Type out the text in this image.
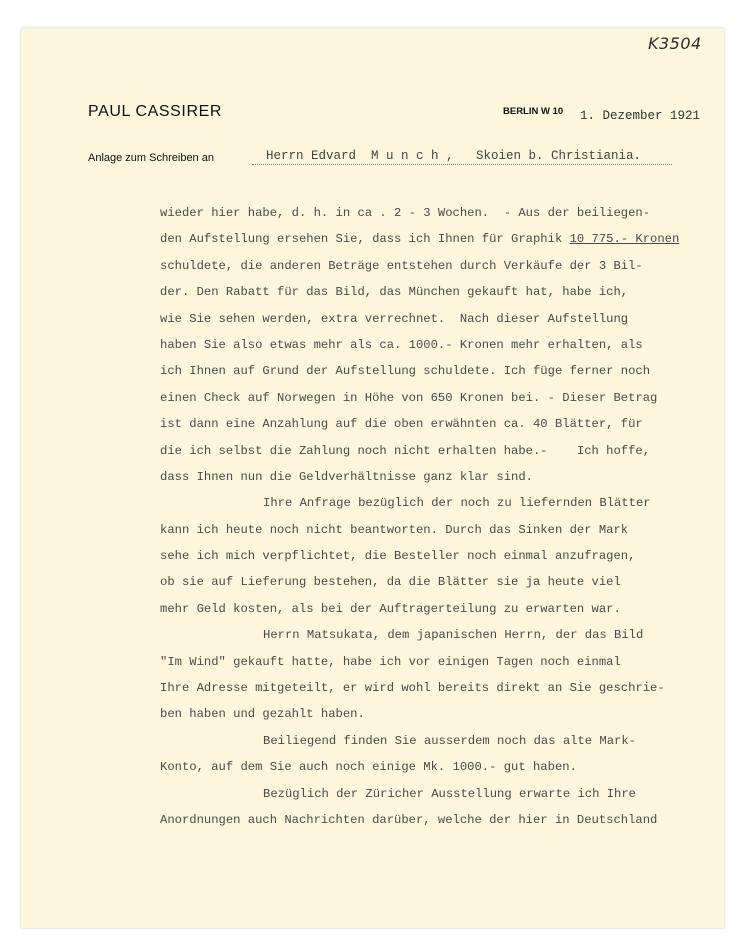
K3504
PAUL CASSIRER	BERLIN W 10 1. Dezember 1921
Anlage zum Schreiben an	Herrn Edvard  M u n c h ,   Skoien b. Christiania.
wieder hier habe, d. h. in ca . 2 - 3 Wochen.  - Aus der beiliegen-
den Aufstellung ersehen Sie, dass ich Ihnen für Graphik 10 775.- Kronen
schuldete, die anderen Beträge entstehen durch Verkäufe der 3 Bil-
der. Den Rabatt für das Bild, das München gekauft hat, habe ich,
wie Sie sehen werden, extra verrechnet.  Nach dieser Aufstellung
haben Sie also etwas mehr als ca. 1000.- Kronen mehr erhalten, als
ich Ihnen auf Grund der Aufstellung schuldete. Ich füge ferner noch
einen Check auf Norwegen in Höhe von 650 Kronen bei. - Dieser Betrag
ist dann eine Anzahlung auf die oben erwähnten ca. 40 Blätter, für
die ich selbst die Zahlung noch nicht erhalten habe.-    Ich hoffe,
dass Ihnen nun die Geldverhältnisse ganz klar sind.
Ihre Anfrage bezüglich der noch zu liefernden Blätter
kann ich heute noch nicht beantworten. Durch das Sinken der Mark
sehe ich mich verpflichtet, die Besteller noch einmal anzufragen,
ob sie auf Lieferung bestehen, da die Blätter sie ja heute viel
mehr Geld kosten, als bei der Auftragerteilung zu erwarten war.
Herrn Matsukata, dem japanischen Herrn, der das Bild
"Im Wind" gekauft hatte, habe ich vor einigen Tagen noch einmal
Ihre Adresse mitgeteilt, er wird wohl bereits direkt an Sie geschrie-
ben haben und gezahlt haben.
Beiliegend finden Sie ausserdem noch das alte Mark-
Konto, auf dem Sie auch noch einige Mk. 1000.- gut haben.
Bezüglich der Züricher Ausstellung erwarte ich Ihre
Anordnungen auch Nachrichten darüber, welche der hier in Deutschland
